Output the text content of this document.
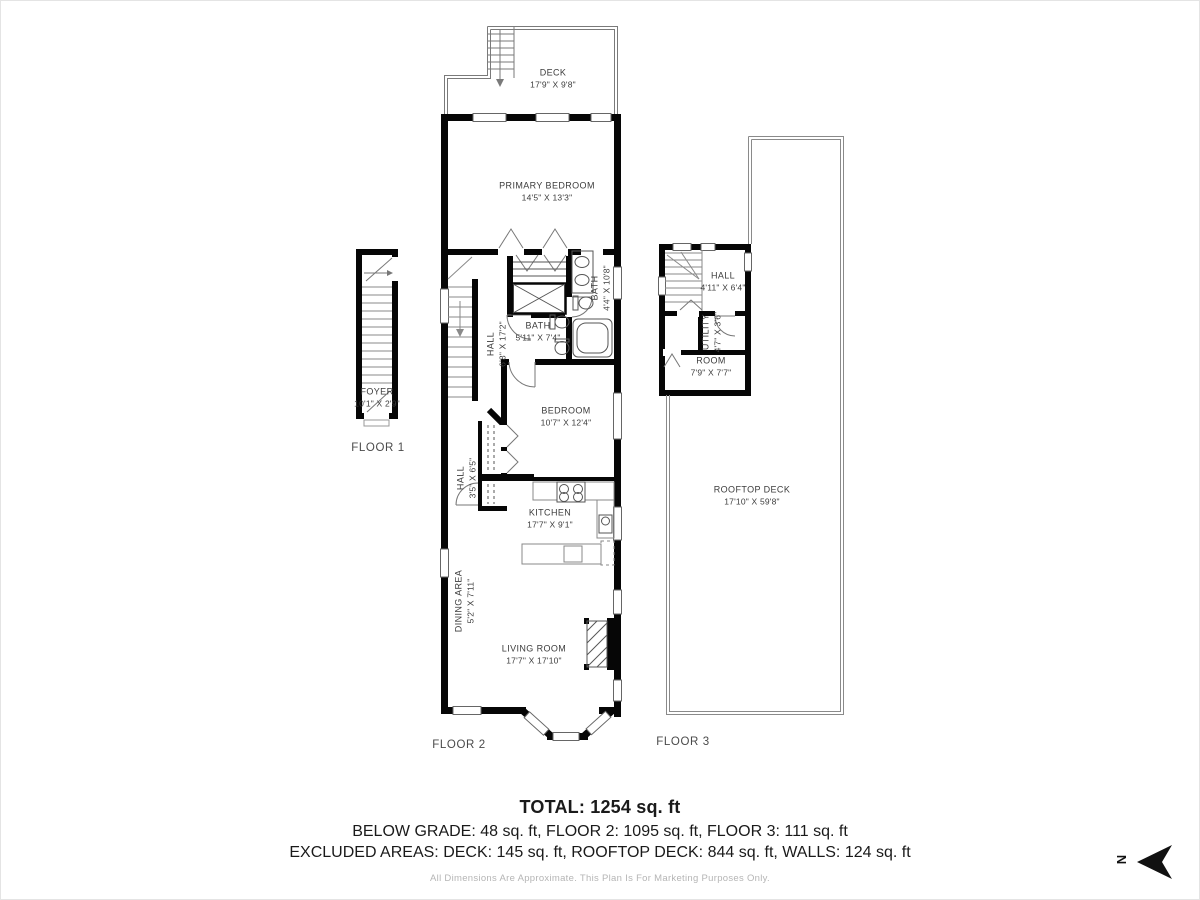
DECK
17'9" X 9'8"
PRIMARY BEDROOM
14'5" X 13'3"
HALL 6'8" X 17'2"	BATH
5'11" X 7'4"
BATH 4'4" X 10'8"
BEDROOM
10'7" X 12'4"
HALL 3'5" X 6'5"
KITCHEN
17'7" X 9'1"
DINING AREA 5'2" X 7'11"
LIVING ROOM
17'7" X 17'10"
FOYER
10'1" X 2'9"
HALL
4'11" X 6'4"
UTILITY 4'7" X 3'6"
ROOM
7'9" X 7'7"
ROOFTOP DECK
17'10" X 59'8"
FLOOR 1
FLOOR 2	FLOOR 3
TOTAL: 1254 sq. ft
BELOW GRADE: 48 sq. ft, FLOOR 2: 1095 sq. ft, FLOOR 3: 111 sq. ft
EXCLUDED AREAS: DECK: 145 sq. ft, ROOFTOP DECK: 844 sq. ft, WALLS: 124 sq. ft
All Dimensions Are Approximate. This Plan Is For Marketing Purposes Only.
N
